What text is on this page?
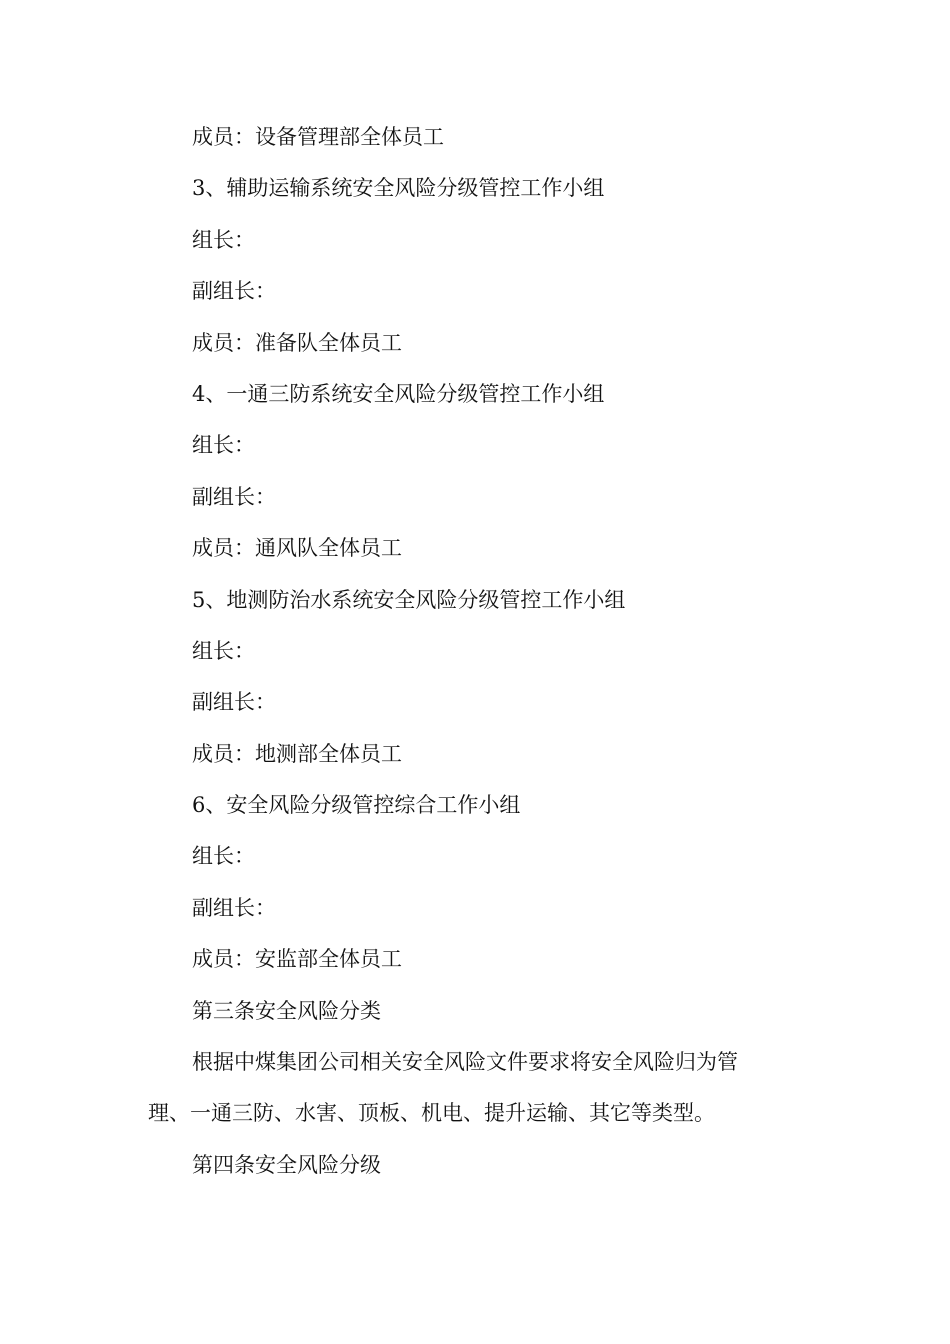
成员：设备管理部全体员工

3、辅助运输系统安全风险分级管控工作小组

组长：

副组长：

成员：准备队全体员工

4、一通三防系统安全风险分级管控工作小组

组长：

副组长：

成员：通风队全体员工

5、地测防治水系统安全风险分级管控工作小组

组长：

副组长：

成员：地测部全体员工

6、安全风险分级管控综合工作小组

组长：

副组长：

成员：安监部全体员工

第三条安全风险分类

根据中煤集团公司相关安全风险文件要求将安全风险归为管

理、一通三防、水害、顶板、机电、提升运输、其它等类型。

第四条安全风险分级
